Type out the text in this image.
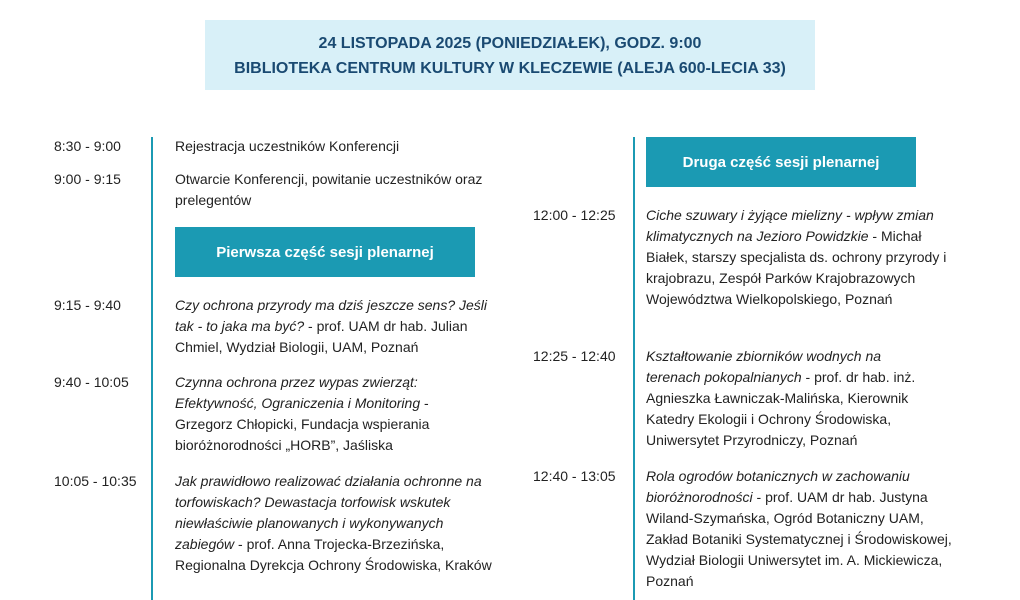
24 LISTOPADA 2025 (PONIEDZIAŁEK), GODZ. 9:00
BIBLIOTEKA CENTRUM KULTURY W KLECZEWIE (ALEJA 600-LECIA 33)
8:30 - 9:00	Rejestracja uczestników Konferencji
9:00 - 9:15	Otwarcie Konferencji, powitanie uczestników oraz prelegentów
Pierwsza część sesji plenarnej
9:15 - 9:40	Czy ochrona przyrody ma dziś jeszcze sens? Jeśli tak - to jaka ma być? - prof. UAM dr hab. Julian Chmiel, Wydział Biologii, UAM, Poznań
9:40 - 10:05	Czynna ochrona przez wypas zwierząt: Efektywność, Ograniczenia i Monitoring - Grzegorz Chłopicki, Fundacja wspierania bioróżnorodności „HORB”, Jaśliska
10:05 - 10:35	Jak prawidłowo realizować działania ochronne na torfowiskach? Dewastacja torfowisk wskutek niewłaściwie planowanych i wykonywanych zabiegów - prof. Anna Trojecka-Brzezińska, Regionalna Dyrekcja Ochrony Środowiska, Kraków
Druga część sesji plenarnej
12:00 - 12:25 Ciche szuwary i żyjące mielizny - wpływ zmian klimatycznych na Jezioro Powidzkie - Michał Białek, starszy specjalista ds. ochrony przyrody i krajobrazu, Zespół Parków Krajobrazowych Województwa Wielkopolskiego, Poznań
12:25 - 12:40 Kształtowanie zbiorników wodnych na terenach pokopalnianych - prof. dr hab. inż. Agnieszka Ławniczak-Malińska, Kierownik Katedry Ekologii i Ochrony Środowiska, Uniwersytet Przyrodniczy, Poznań
12:40 - 13:05 Rola ogrodów botanicznych w zachowaniu bioróżnorodności - prof. UAM dr hab. Justyna Wiland-Szymańska, Ogród Botaniczny UAM, Zakład Botaniki Systematycznej i Środowiskowej, Wydział Biologii Uniwersytet im. A. Mickiewicza, Poznań
